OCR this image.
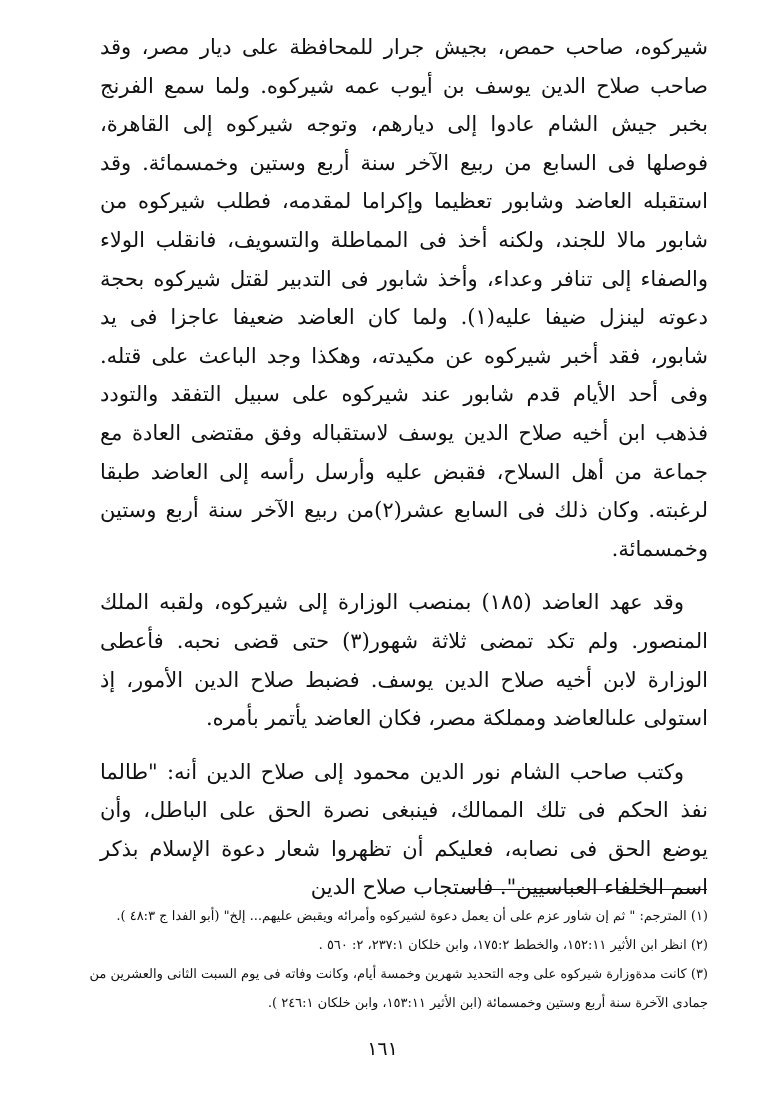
شيركوه، صاحب حمص، بجيش جرار للمحافظة على ديار مصر، وقد صاحب صلاح الدين يوسف بن أيوب عمه شيركوه. ولما سمع الفرنج بخبر جيش الشام عادوا إلى ديارهم، وتوجه شيركوه إلى القاهرة، فوصلها فى السابع من ربيع الآخر سنة أربع وستين وخمسمائة. وقد استقبله العاضد وشابور تعظيما وإكراما لمقدمه، فطلب شيركوه من شابور مالا للجند، ولكنه أخذ فى المماطلة والتسويف، فانقلب الولاء والصفاء إلى تنافر وعداء، وأخذ شابور فى التدبير لقتل شيركوه بحجة دعوته لينزل ضيفا عليه(١). ولما كان العاضد ضعيفا عاجزا فى يد شابور، فقد أخبر شيركوه عن مكيدته، وهكذا وجد الباعث على قتله. وفى أحد الأيام قدم شابور عند شيركوه على سبيل التفقد والتودد فذهب ابن أخيه صلاح الدين يوسف لاستقباله وفق مقتضى العادة مع جماعة من أهل السلاح، فقبض عليه وأرسل رأسه إلى العاضد طبقا لرغبته. وكان ذلك فى السابع عشر(٢)من ربيع الآخر سنة أربع وستين وخمسمائة.

وقد عهد العاضد (١٨٥) بمنصب الوزارة إلى شيركوه، ولقبه الملك المنصور. ولم تكد تمضى ثلاثة شهور(٣) حتى قضى نحبه. فأعطى الوزارة لابن أخيه صلاح الدين يوسف. فضبط صلاح الدين الأمور، إذ استولى علىالعاضد ومملكة مصر، فكان العاضد يأتمر بأمره.

وكتب صاحب الشام نور الدين محمود إلى صلاح الدين أنه: "طالما نفذ الحكم فى تلك الممالك، فينبغى نصرة الحق على الباطل، وأن يوضع الحق فى نصابه، فعليكم أن تظهروا شعار دعوة الإسلام بذكر اسم الخلفاء العباسيين". فاستجاب صلاح الدين

(١) المترجم: " ثم إن شاور عزم على أن يعمل دعوة لشيركوه وأمرائه ويقبض عليهم... إلخ" (أبو الفدا ج ٤٨:٣ ).

(٢) انظر ابن الأثير ١٥٢:١١، والخطط ١٧٥:٢، وابن خلكان ٢٣٧:١، ٢: ٥٦٠ .

(٣) كانت مدةوزارة شيركوه على وجه التحديد شهرين وخمسة أيام، وكانت وفاته فى يوم السبت الثانى والعشرين من جمادى الآخرة سنة أربع وستين وخمسمائة (ابن الأثير ١٥٣:١١، وابن خلكان ٢٤٦:١ ).

١٦١
